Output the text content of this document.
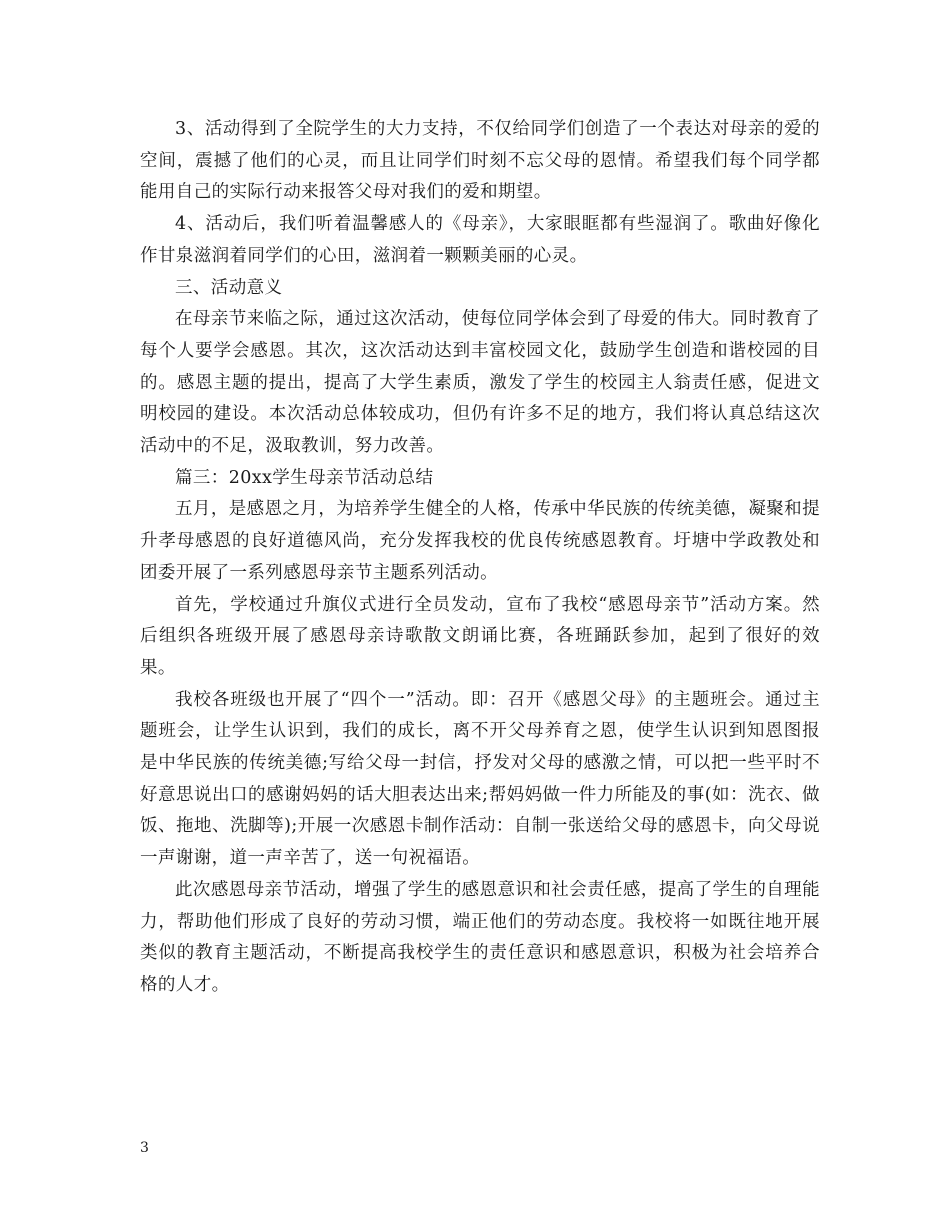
3、活动得到了全院学生的大力支持，不仅给同学们创造了一个表达对母亲的爱的空间，震撼了他们的心灵，而且让同学们时刻不忘父母的恩情。希望我们每个同学都能用自己的实际行动来报答父母对我们的爱和期望。

4、活动后，我们听着温馨感人的《母亲》，大家眼眶都有些湿润了。歌曲好像化作甘泉滋润着同学们的心田，滋润着一颗颗美丽的心灵。

三、活动意义

在母亲节来临之际，通过这次活动，使每位同学体会到了母爱的伟大。同时教育了每个人要学会感恩。其次，这次活动达到丰富校园文化，鼓励学生创造和谐校园的目的。感恩主题的提出，提高了大学生素质，激发了学生的校园主人翁责任感，促进文明校园的建设。本次活动总体较成功，但仍有许多不足的地方，我们将认真总结这次活动中的不足，汲取教训，努力改善。

篇三：20xx学生母亲节活动总结

五月，是感恩之月，为培养学生健全的人格，传承中华民族的传统美德，凝聚和提升孝母感恩的良好道德风尚，充分发挥我校的优良传统感恩教育。圩塘中学政教处和团委开展了一系列感恩母亲节主题系列活动。

首先，学校通过升旗仪式进行全员发动，宣布了我校“感恩母亲节”活动方案。然后组织各班级开展了感恩母亲诗歌散文朗诵比赛，各班踊跃参加，起到了很好的效果。

我校各班级也开展了“四个一”活动。即：召开《感恩父母》的主题班会。通过主题班会，让学生认识到，我们的成长，离不开父母养育之恩，使学生认识到知恩图报是中华民族的传统美德;写给父母一封信，抒发对父母的感激之情，可以把一些平时不好意思说出口的感谢妈妈的话大胆表达出来;帮妈妈做一件力所能及的事(如：洗衣、做饭、拖地、洗脚等);开展一次感恩卡制作活动：自制一张送给父母的感恩卡，向父母说一声谢谢，道一声辛苦了，送一句祝福语。

此次感恩母亲节活动，增强了学生的感恩意识和社会责任感，提高了学生的自理能力，帮助他们形成了良好的劳动习惯，端正他们的劳动态度。我校将一如既往地开展类似的教育主题活动，不断提高我校学生的责任意识和感恩意识，积极为社会培养合格的人才。

3
